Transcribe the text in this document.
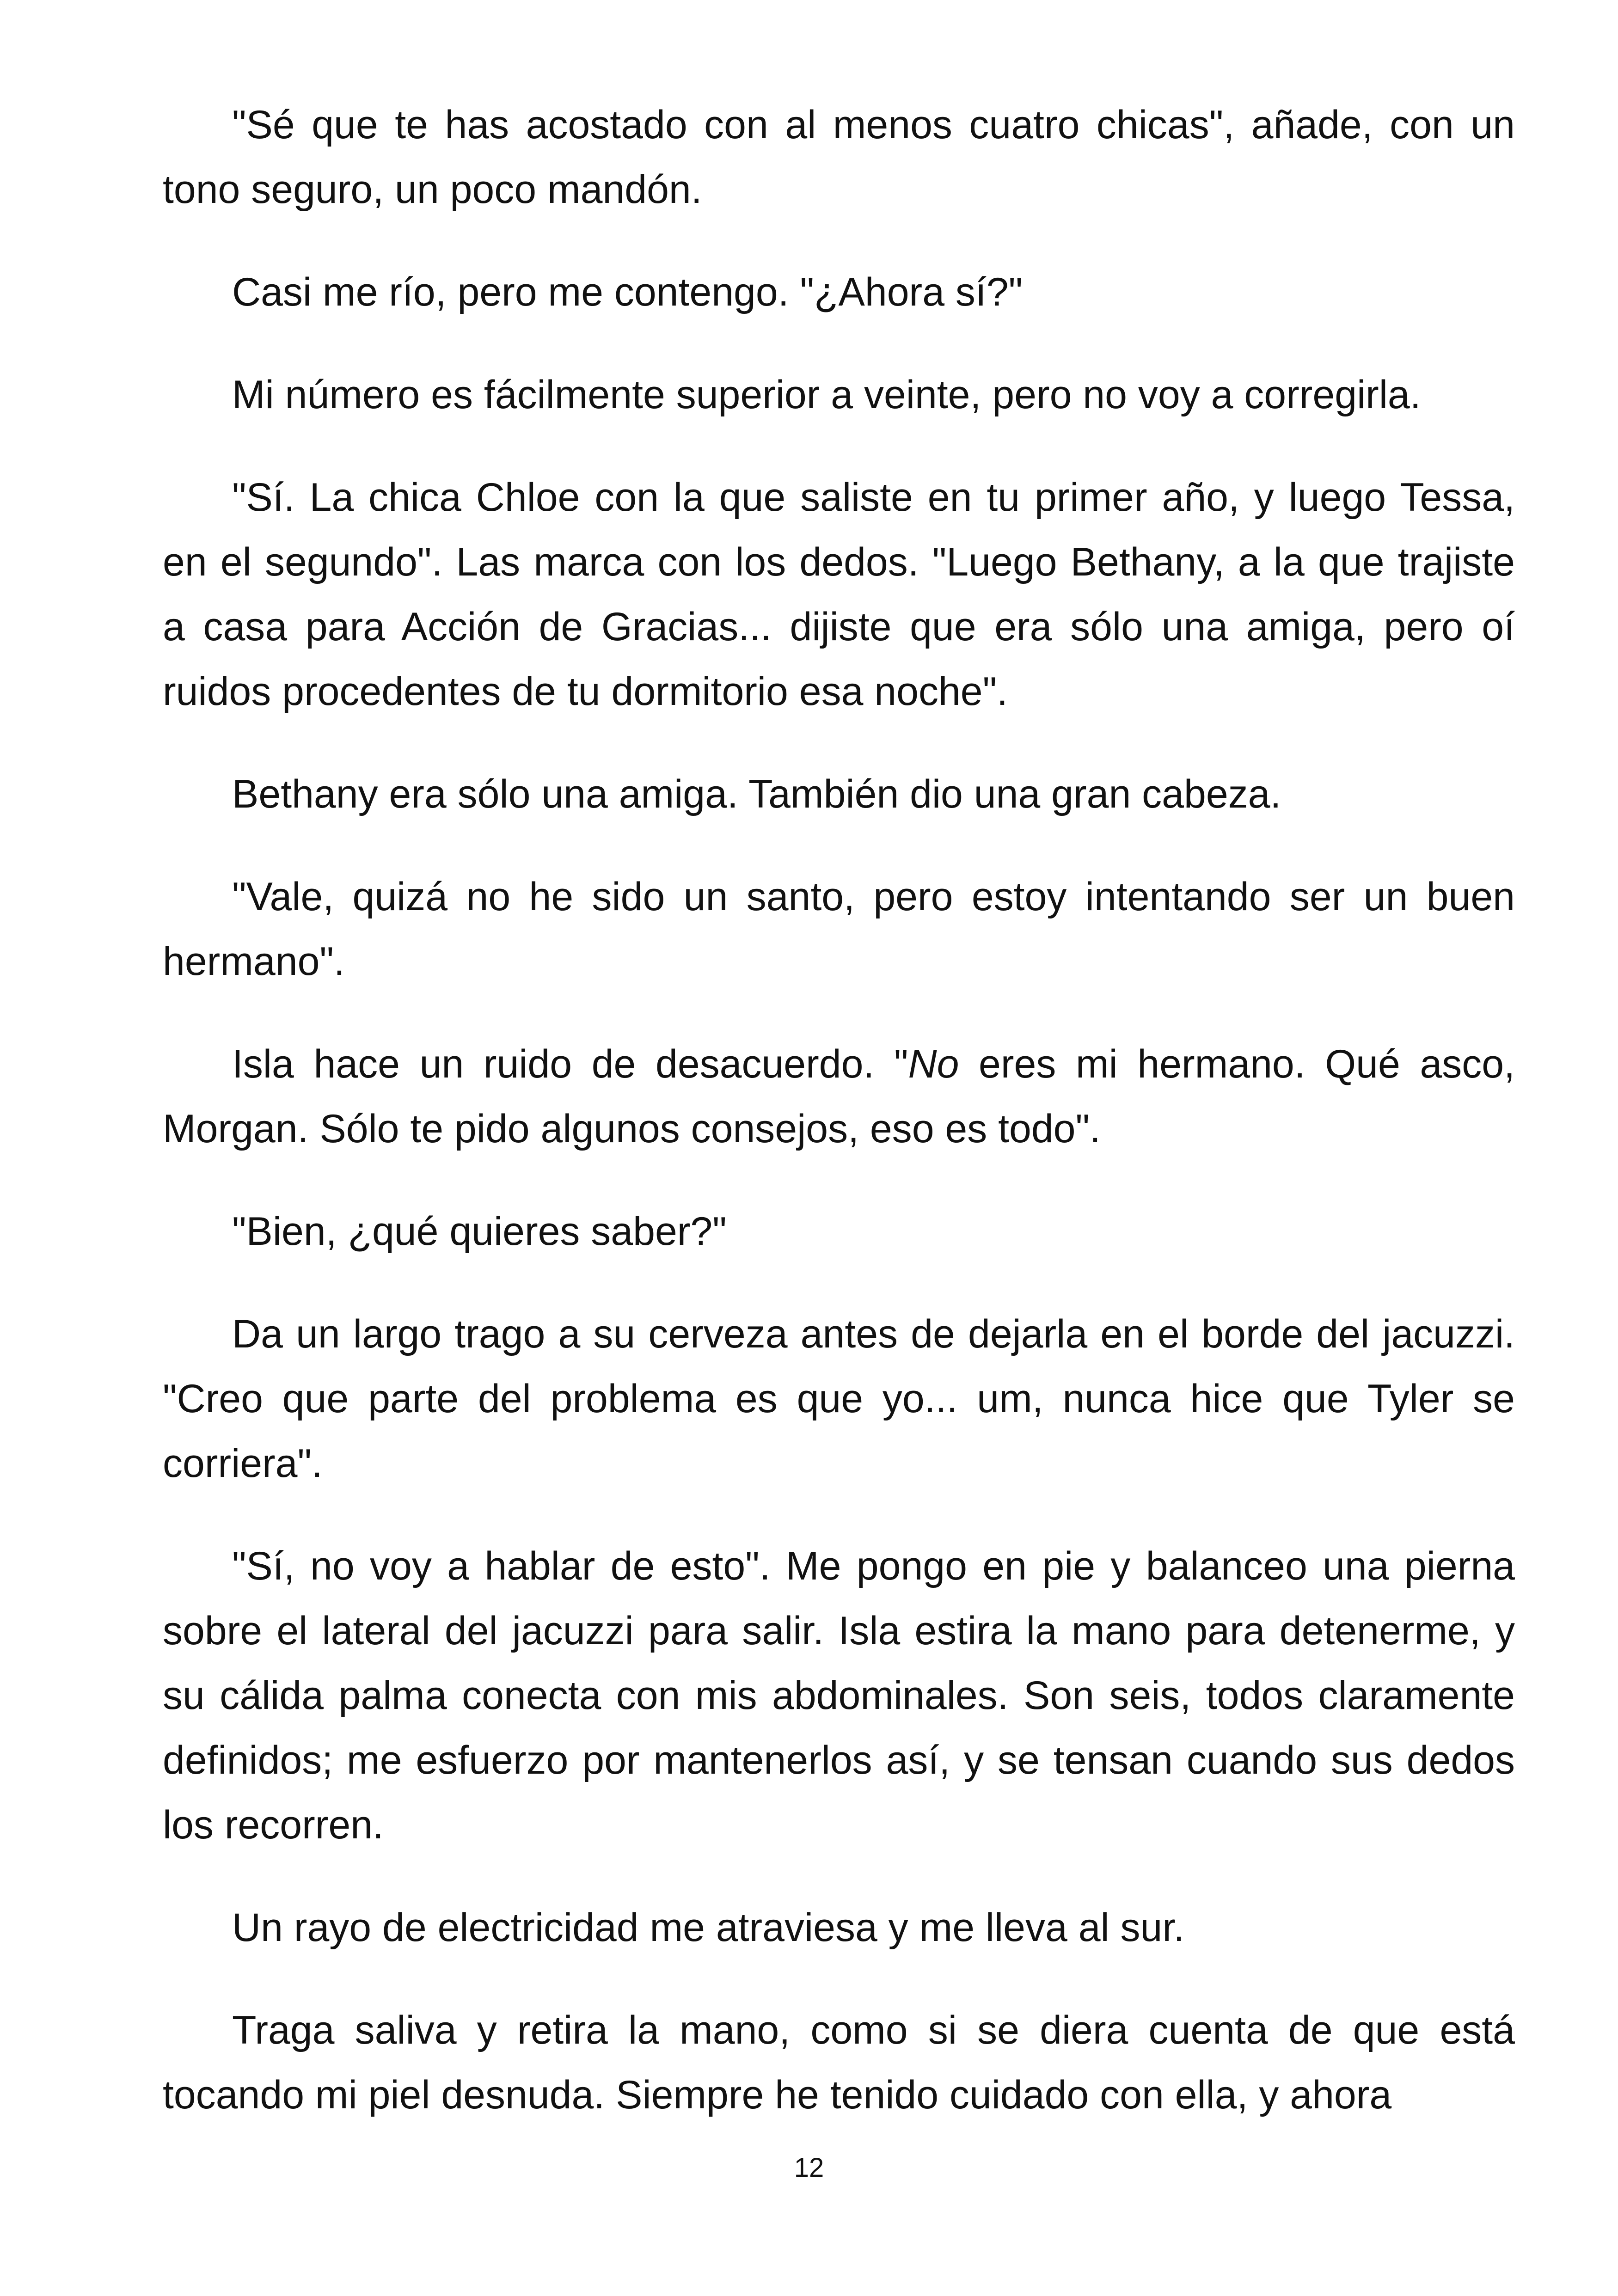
"Sé que te has acostado con al menos cuatro chicas", añade, con un tono seguro, un poco mandón.

Casi me río, pero me contengo. "¿Ahora sí?"

Mi número es fácilmente superior a veinte, pero no voy a corregirla.

"Sí. La chica Chloe con la que saliste en tu primer año, y luego Tessa, en el segundo". Las marca con los dedos. "Luego Bethany, a la que trajiste a casa para Acción de Gracias... dijiste que era sólo una amiga, pero oí ruidos procedentes de tu dormitorio esa noche".

Bethany era sólo una amiga. También dio una gran cabeza.

"Vale, quizá no he sido un santo, pero estoy intentando ser un buen hermano".

Isla hace un ruido de desacuerdo. "No eres mi hermano. Qué asco, Morgan. Sólo te pido algunos consejos, eso es todo".

"Bien, ¿qué quieres saber?"

Da un largo trago a su cerveza antes de dejarla en el borde del jacuzzi. "Creo que parte del problema es que yo... um, nunca hice que Tyler se corriera".

"Sí, no voy a hablar de esto". Me pongo en pie y balanceo una pierna sobre el lateral del jacuzzi para salir. Isla estira la mano para detenerme, y su cálida palma conecta con mis abdominales. Son seis, todos claramente definidos; me esfuerzo por mantenerlos así, y se tensan cuando sus dedos los recorren.

Un rayo de electricidad me atraviesa y me lleva al sur.

Traga saliva y retira la mano, como si se diera cuenta de que está tocando mi piel desnuda. Siempre he tenido cuidado con ella, y ahora

12
